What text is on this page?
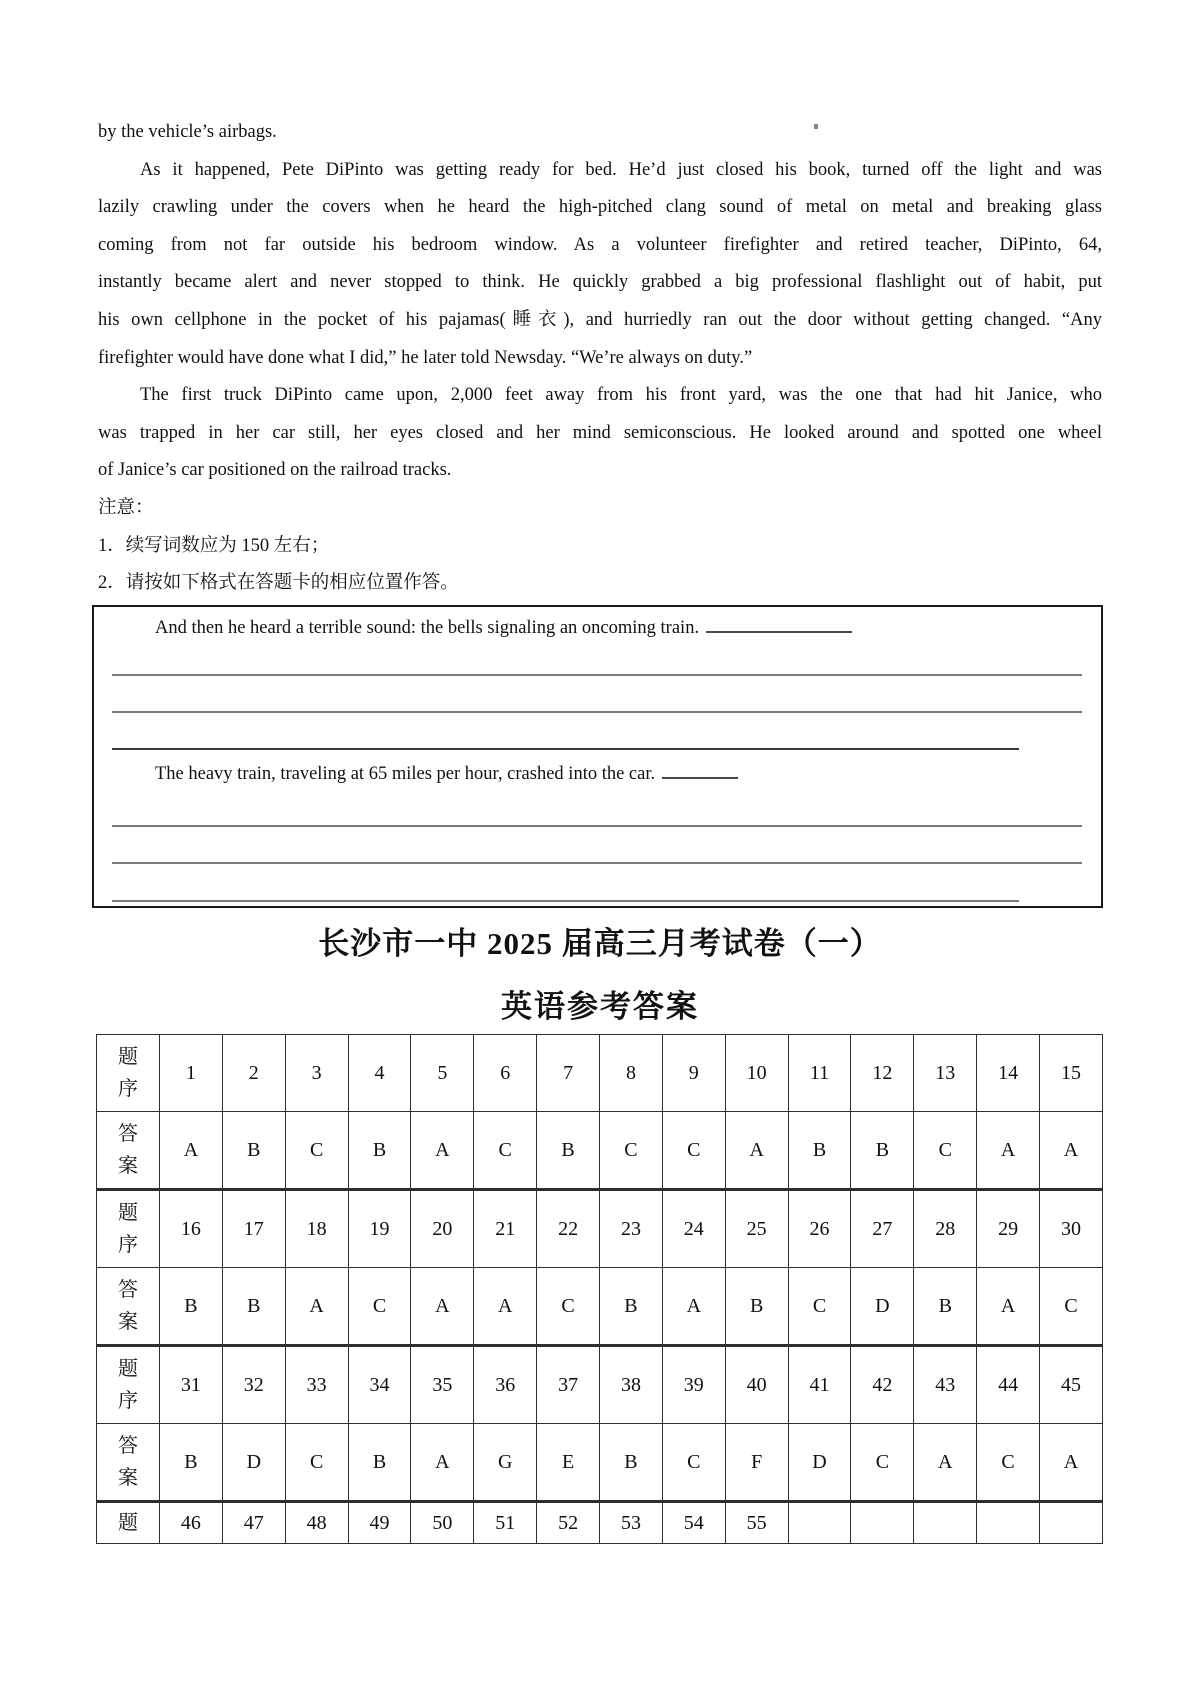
by the vehicle’s airbags.
As it happened, Pete DiPinto was getting ready for bed. He’d just closed his book, turned off the light and was
lazily crawling under the covers when he heard the high-pitched clang sound of metal on metal and breaking glass
coming from not far outside his bedroom window. As a volunteer firefighter and retired teacher, DiPinto, 64,
instantly became alert and never stopped to think. He quickly grabbed a big professional flashlight out of habit, put
his own cellphone in the pocket of his pajamas(睡衣), and hurriedly ran out the door without getting changed. “Any
firefighter would have done what I did,” he later told Newsday. “We’re always on duty.”
The first truck DiPinto came upon, 2,000 feet away from his front yard, was the one that had hit Janice, who
was trapped in her car still, her eyes closed and her mind semiconscious. He looked around and spotted one wheel
of Janice’s car positioned on the railroad tracks.
注意：
1．续写词数应为 150 左右；
2．请按如下格式在答题卡的相应位置作答。
And then he heard a terrible sound: the bells signaling an oncoming train.
The heavy train, traveling at 65 miles per hour, crashed into the car.
长沙市一中 2025 届高三月考试卷（一）
英语参考答案
题序	1	2	3	4	5	6	7	8	9	10	11	12	13	14	15
答案	A	B	C	B	A	C	B	C	C	A	B	B	C	A	A
题序	16	17	18	19	20	21	22	23	24	25	26	27	28	29	30
答案	B	B	A	C	A	A	C	B	A	B	C	D	B	A	C
题序	31	32	33	34	35	36	37	38	39	40	41	42	43	44	45
答案	B	D	C	B	A	G	E	B	C	F	D	C	A	C	A
题	46	47	48	49	50	51	52	53	54	55					
